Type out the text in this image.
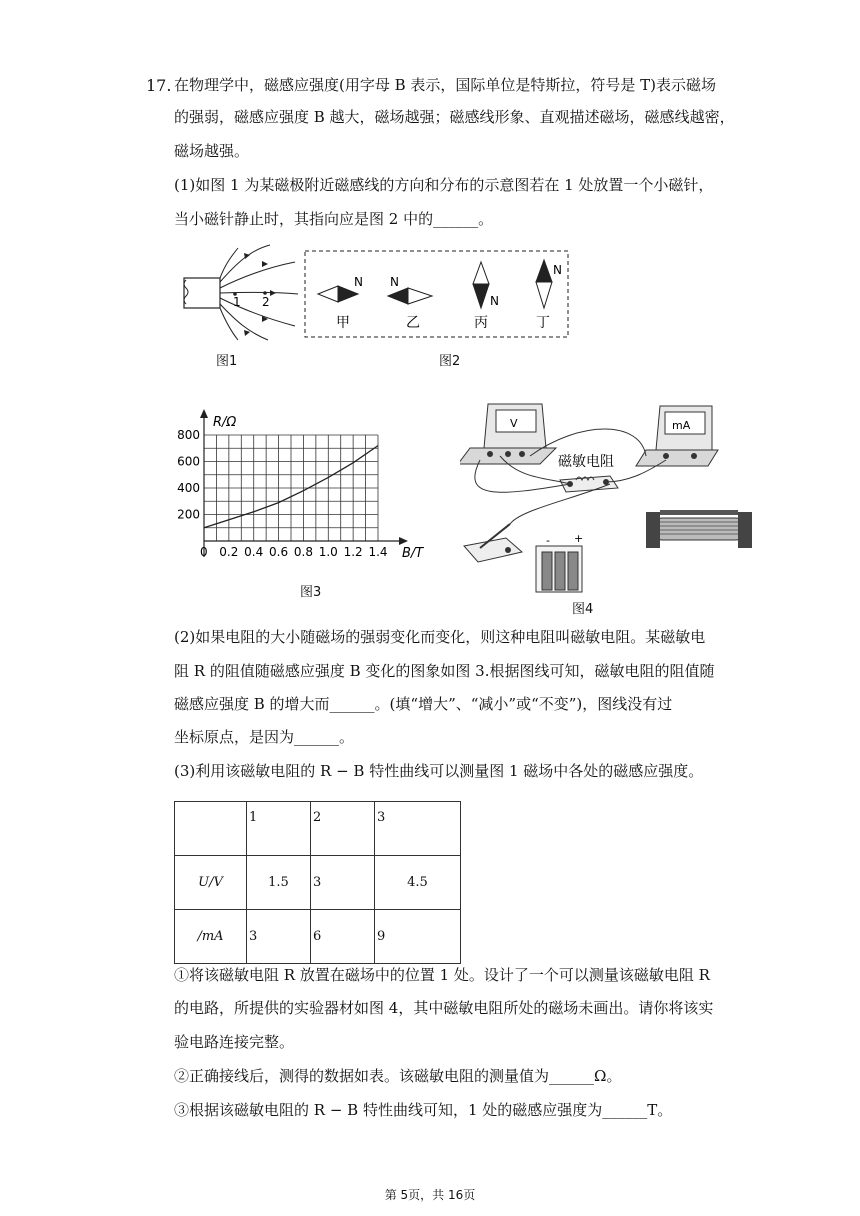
17. 在物理学中，磁感应强度(用字母 B 表示，国际单位是特斯拉，符号是 T)表示磁场
的强弱，磁感应强度 B 越大，磁场越强；磁感线形象、直观描述磁场，磁感线越密，
磁场越强。
(1)如图 1 为某磁极附近磁感线的方向和分布的示意图若在 1 处放置一个小磁针，
当小磁针静止时，其指向应是图 2 中的______。
1 2
图1
N
甲
N
乙
N
丙
N
丁
图2
R/Ω
B/T
0 0.2 0.4 0.6 0.8 1.0 1.2 1.4
200
400
600
800
图3
V	mA
磁敏电阻
- +
图4
(2)如果电阻的大小随磁场的强弱变化而变化，则这种电阻叫磁敏电阻。某磁敏电
阻 R 的阻值随磁感应强度 B 变化的图象如图 3.根据图线可知，磁敏电阻的阻值随
磁感应强度 B 的增大而______。(填“增大”、“减小”或“不变”)，图线没有过
坐标原点，是因为______。
(3)利用该磁敏电阻的 R − B 特性曲线可以测量图 1 磁场中各处的磁感应强度。
	1	2	3
U/V	1.5	3	4.5
/mA	3	6	9
①将该磁敏电阻 R 放置在磁场中的位置 1 处。设计了一个可以测量该磁敏电阻 R
的电路，所提供的实验器材如图 4，其中磁敏电阻所处的磁场未画出。请你将该实
验电路连接完整。
②正确接线后，测得的数据如表。该磁敏电阻的测量值为______Ω。
③根据该磁敏电阻的 R − B 特性曲线可知，1 处的磁感应强度为______T。
第 5页，共 16页
